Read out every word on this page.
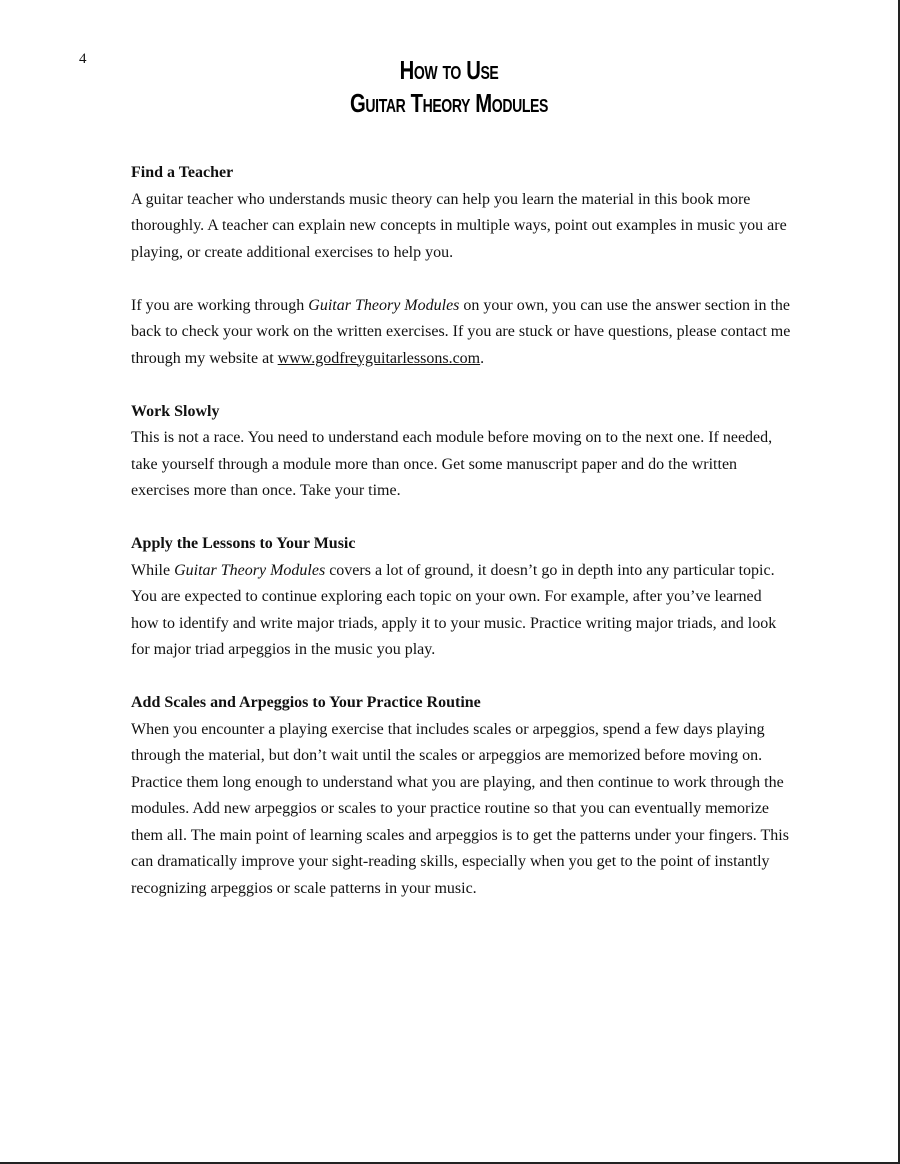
4	How to Use
Guitar Theory Modules
Find a Teacher

A guitar teacher who understands music theory can help you learn the material in this book more thoroughly. A teacher can explain new concepts in multiple ways, point out examples in music you are playing, or create additional exercises to help you.

If you are working through Guitar Theory Modules on your own, you can use the answer section in the back to check your work on the written exercises. If you are stuck or have questions, please contact me through my website at www.godfreyguitarlessons.com.

Work Slowly

This is not a race. You need to understand each module before moving on to the next one. If needed, take yourself through a module more than once. Get some manuscript paper and do the written exercises more than once. Take your time.

Apply the Lessons to Your Music

While Guitar Theory Modules covers a lot of ground, it doesn’t go in depth into any particular topic. You are expected to continue exploring each topic on your own. For example, after you’ve learned how to identify and write major triads, apply it to your music. Practice writing major triads, and look for major triad arpeggios in the music you play.

Add Scales and Arpeggios to Your Practice Routine

When you encounter a playing exercise that includes scales or arpeggios, spend a few days playing through the material, but don’t wait until the scales or arpeggios are memorized before moving on. Practice them long enough to understand what you are playing, and then continue to work through the modules. Add new arpeggios or scales to your practice routine so that you can eventually memorize them all. The main point of learning scales and arpeggios is to get the patterns under your fingers. This can dramatically improve your sight-reading skills, especially when you get to the point of instantly recognizing arpeggios or scale patterns in your music.
